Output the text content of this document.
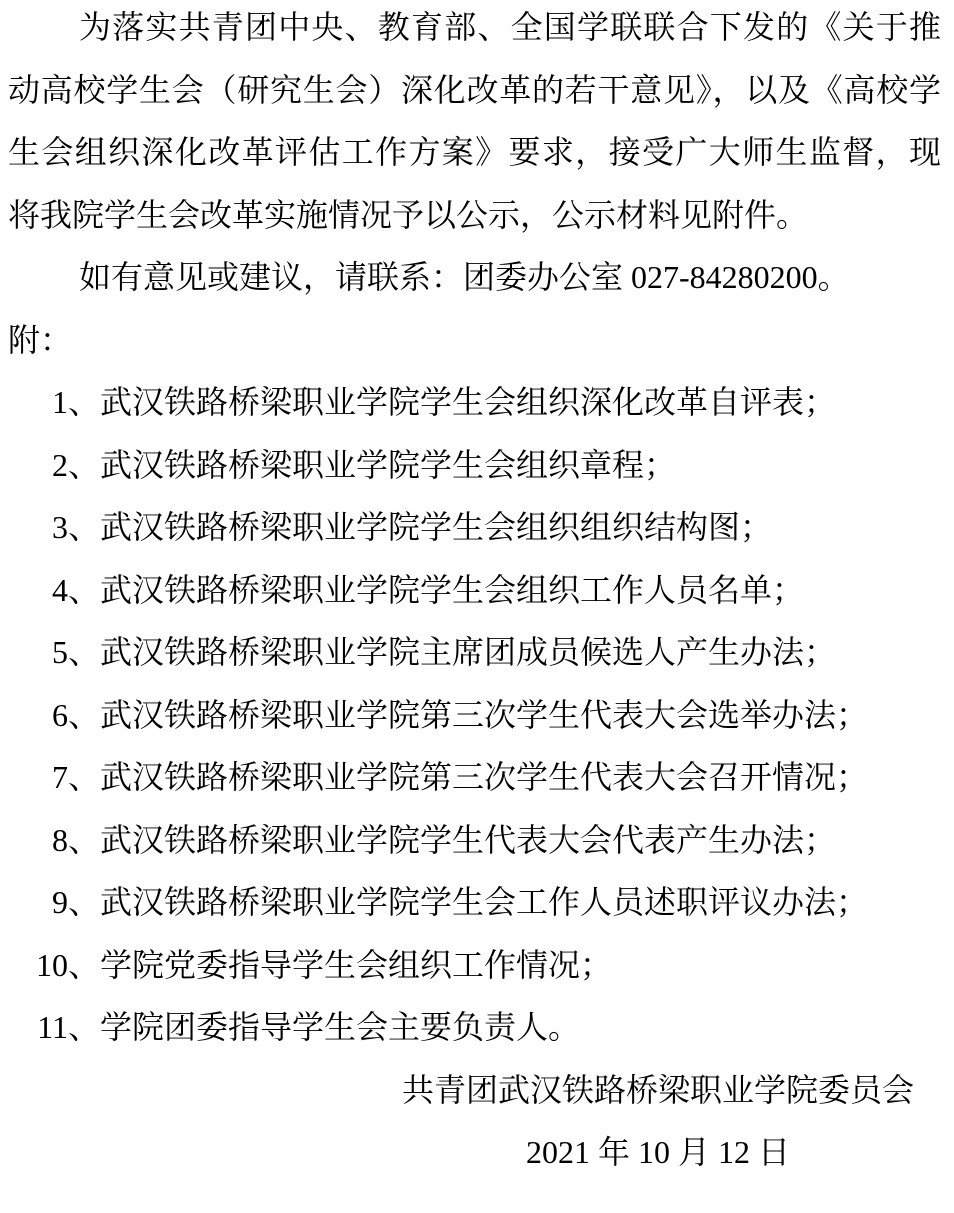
为落实共青团中央、教育部、全国学联联合下发的《关于推
动高校学生会（研究生会）深化改革的若干意见》，以及《高校学
生会组织深化改革评估工作方案》要求，接受广大师生监督，现
将我院学生会改革实施情况予以公示，公示材料见附件。
如有意见或建议，请联系：团委办公室 027-84280200。
附：
1、武汉铁路桥梁职业学院学生会组织深化改革自评表；
2、武汉铁路桥梁职业学院学生会组织章程；
3、武汉铁路桥梁职业学院学生会组织组织结构图；
4、武汉铁路桥梁职业学院学生会组织工作人员名单；
5、武汉铁路桥梁职业学院主席团成员候选人产生办法；
6、武汉铁路桥梁职业学院第三次学生代表大会选举办法；
7、武汉铁路桥梁职业学院第三次学生代表大会召开情况；
8、武汉铁路桥梁职业学院学生代表大会代表产生办法；
9、武汉铁路桥梁职业学院学生会工作人员述职评议办法；
10、学院党委指导学生会组织工作情况；
11、学院团委指导学生会主要负责人。
共青团武汉铁路桥梁职业学院委员会
2021 年 10 月 12 日
